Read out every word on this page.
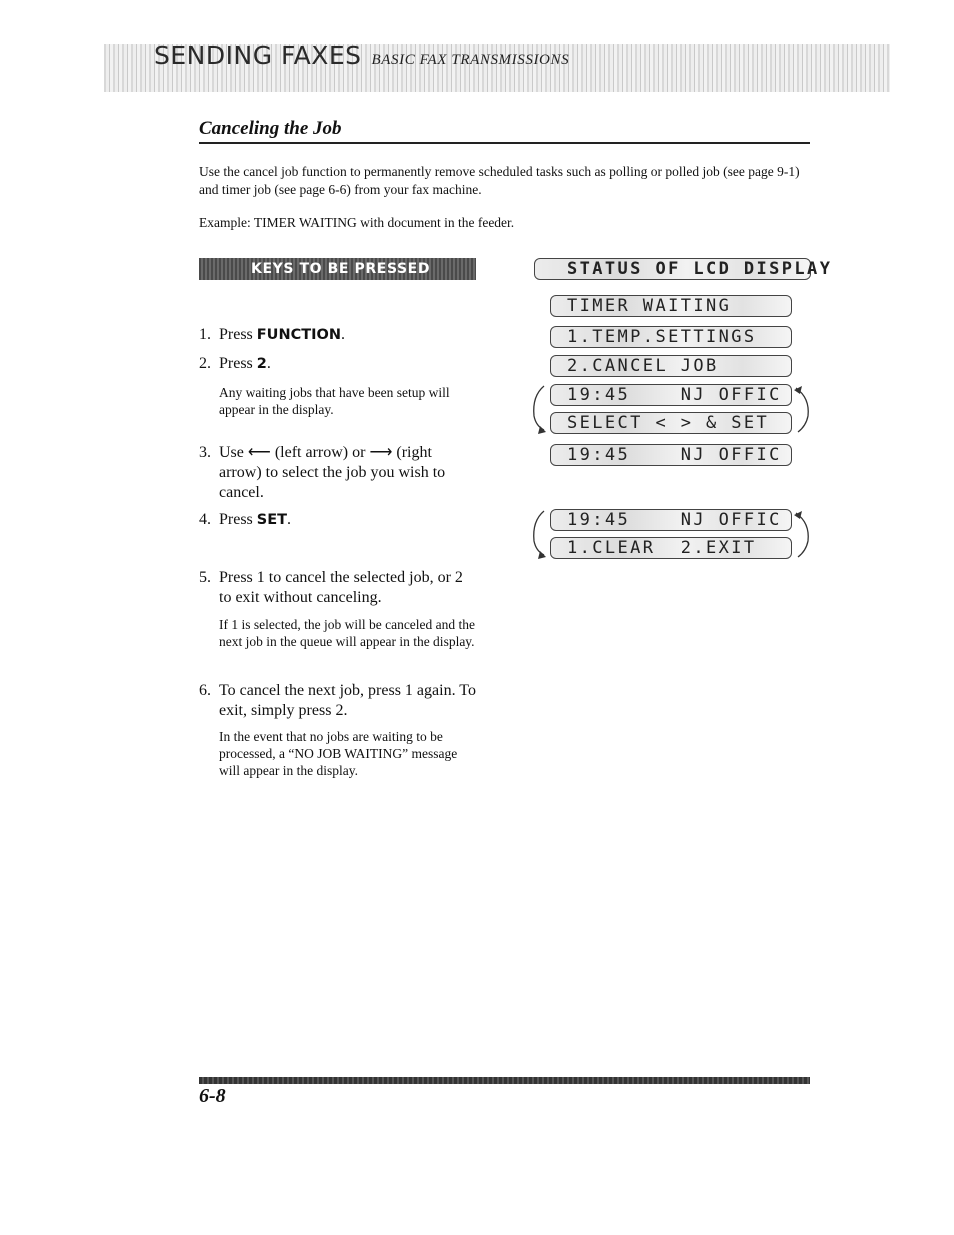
SENDING FAXES BASIC FAX TRANSMISSIONS
Canceling the Job
Use the cancel job function to permanently remove scheduled tasks such as polling or polled job (see page 9-1) and timer job (see page 6-6) from your fax machine.
Example: TIMER WAITING with document in the feeder.
KEYS TO BE PRESSED	STATUS OF LCD DISPLAY
1. Press FUNCTION.
2. Press 2.
Any waiting jobs that have been setup will appear in the display.
3. Use ⟵ (left arrow) or ⟶ (right arrow) to select the job you wish to cancel.
4. Press SET.
5. Press 1 to cancel the selected job, or 2 to exit without canceling.
If 1 is selected, the job will be canceled and the next job in the queue will appear in the display.
6. To cancel the next job, press 1 again. To exit, simply press 2.
In the event that no jobs are waiting to be processed, a “NO JOB WAITING” message will appear in the display.
TIMER WAITING
1.TEMP.SETTINGS
2.CANCEL JOB
19:45    NJ OFFIC
SELECT < > & SET
19:45    NJ OFFIC
19:45    NJ OFFIC
1.CLEAR  2.EXIT
6-8
